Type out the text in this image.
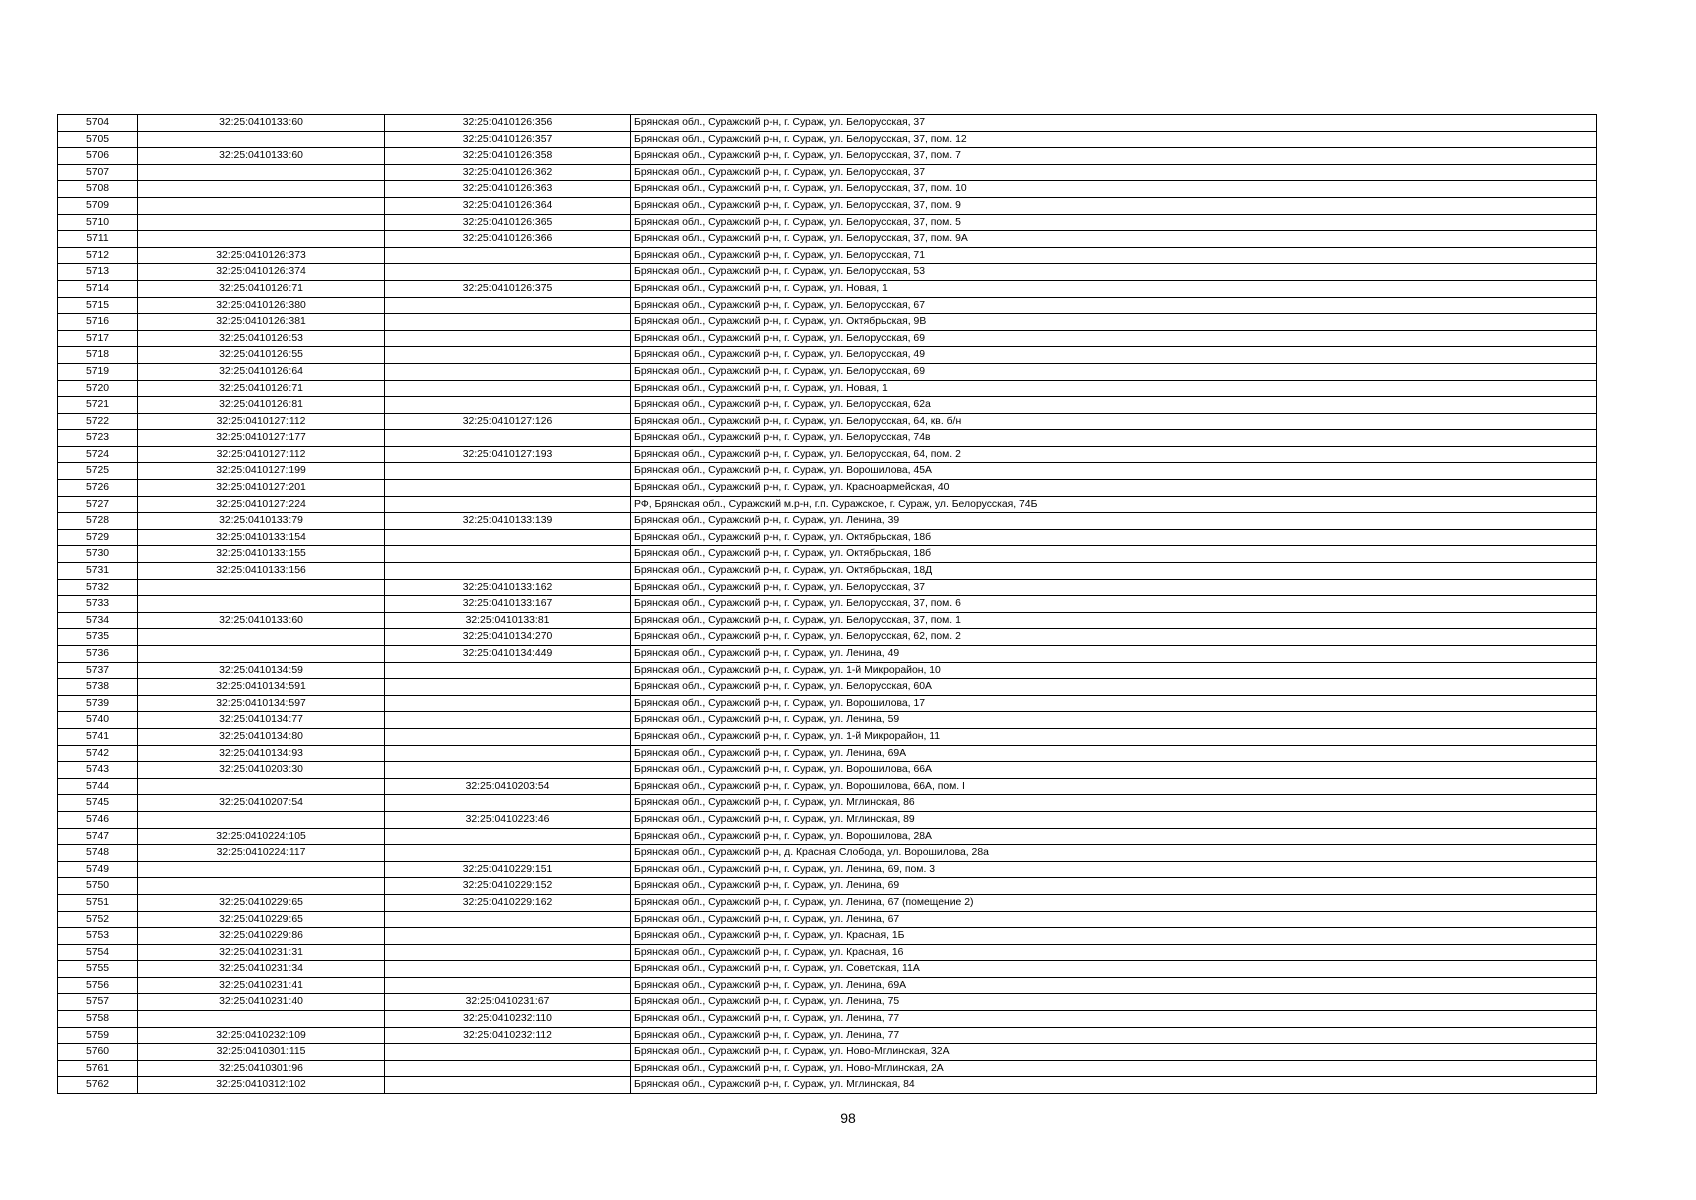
5704	32:25:0410133:60	32:25:0410126:356	Брянская обл., Суражский р-н, г. Сураж, ул. Белорусская, 37
5705		32:25:0410126:357	Брянская обл., Суражский р-н, г. Сураж, ул. Белорусская, 37, пом. 12
5706	32:25:0410133:60	32:25:0410126:358	Брянская обл., Суражский р-н, г. Сураж, ул. Белорусская, 37, пом. 7
5707		32:25:0410126:362	Брянская обл., Суражский р-н, г. Сураж, ул. Белорусская, 37
5708		32:25:0410126:363	Брянская обл., Суражский р-н, г. Сураж, ул. Белорусская, 37, пом. 10
5709		32:25:0410126:364	Брянская обл., Суражский р-н, г. Сураж, ул. Белорусская, 37, пом. 9
5710		32:25:0410126:365	Брянская обл., Суражский р-н, г. Сураж, ул. Белорусская, 37, пом. 5
5711		32:25:0410126:366	Брянская обл., Суражский р-н, г. Сураж, ул. Белорусская, 37, пом. 9А
5712	32:25:0410126:373		Брянская обл., Суражский р-н, г. Сураж, ул. Белорусская, 71
5713	32:25:0410126:374		Брянская обл., Суражский р-н, г. Сураж, ул. Белорусская, 53
5714	32:25:0410126:71	32:25:0410126:375	Брянская обл., Суражский р-н, г. Сураж, ул. Новая, 1
5715	32:25:0410126:380		Брянская обл., Суражский р-н, г. Сураж, ул. Белорусская, 67
5716	32:25:0410126:381		Брянская обл., Суражский р-н, г. Сураж, ул. Октябрьская, 9В
5717	32:25:0410126:53		Брянская обл., Суражский р-н, г. Сураж, ул. Белорусская, 69
5718	32:25:0410126:55		Брянская обл., Суражский р-н, г. Сураж, ул. Белорусская, 49
5719	32:25:0410126:64		Брянская обл., Суражский р-н, г. Сураж, ул. Белорусская, 69
5720	32:25:0410126:71		Брянская обл., Суражский р-н, г. Сураж, ул. Новая, 1
5721	32:25:0410126:81		Брянская обл., Суражский р-н, г. Сураж, ул. Белорусская, 62а
5722	32:25:0410127:112	32:25:0410127:126	Брянская обл., Суражский р-н, г. Сураж, ул. Белорусская, 64, кв. б/н
5723	32:25:0410127:177		Брянская обл., Суражский р-н, г. Сураж, ул. Белорусская, 74в
5724	32:25:0410127:112	32:25:0410127:193	Брянская обл., Суражский р-н, г. Сураж, ул. Белорусская, 64, пом. 2
5725	32:25:0410127:199		Брянская обл., Суражский р-н, г. Сураж, ул. Ворошилова, 45А
5726	32:25:0410127:201		Брянская обл., Суражский р-н, г. Сураж, ул. Красноармейская, 40
5727	32:25:0410127:224		РФ, Брянская обл., Суражский м.р-н, г.п. Суражское, г. Сураж, ул. Белорусская, 74Б
5728	32:25:0410133:79	32:25:0410133:139	Брянская обл., Суражский р-н, г. Сураж, ул. Ленина, 39
5729	32:25:0410133:154		Брянская обл., Суражский р-н, г. Сураж, ул. Октябрьская, 18б
5730	32:25:0410133:155		Брянская обл., Суражский р-н, г. Сураж, ул. Октябрьская, 18б
5731	32:25:0410133:156		Брянская обл., Суражский р-н, г. Сураж, ул. Октябрьская, 18Д
5732		32:25:0410133:162	Брянская обл., Суражский р-н, г. Сураж, ул. Белорусская, 37
5733		32:25:0410133:167	Брянская обл., Суражский р-н, г. Сураж, ул. Белорусская, 37, пом. 6
5734	32:25:0410133:60	32:25:0410133:81	Брянская обл., Суражский р-н, г. Сураж, ул. Белорусская, 37, пом. 1
5735		32:25:0410134:270	Брянская обл., Суражский р-н, г. Сураж, ул. Белорусская, 62, пом. 2
5736		32:25:0410134:449	Брянская обл., Суражский р-н, г. Сураж, ул. Ленина, 49
5737	32:25:0410134:59		Брянская обл., Суражский р-н, г. Сураж, ул. 1-й Микрорайон, 10
5738	32:25:0410134:591		Брянская обл., Суражский р-н, г. Сураж, ул. Белорусская, 60А
5739	32:25:0410134:597		Брянская обл., Суражский р-н, г. Сураж, ул. Ворошилова, 17
5740	32:25:0410134:77		Брянская обл., Суражский р-н, г. Сураж, ул. Ленина, 59
5741	32:25:0410134:80		Брянская обл., Суражский р-н, г. Сураж, ул. 1-й Микрорайон, 11
5742	32:25:0410134:93		Брянская обл., Суражский р-н, г. Сураж, ул. Ленина, 69А
5743	32:25:0410203:30		Брянская обл., Суражский р-н, г. Сураж, ул. Ворошилова, 66А
5744		32:25:0410203:54	Брянская обл., Суражский р-н, г. Сураж, ул. Ворошилова, 66А, пом. I
5745	32:25:0410207:54		Брянская обл., Суражский р-н, г. Сураж, ул. Мглинская, 86
5746		32:25:0410223:46	Брянская обл., Суражский р-н, г. Сураж, ул. Мглинская, 89
5747	32:25:0410224:105		Брянская обл., Суражский р-н, г. Сураж, ул. Ворошилова, 28А
5748	32:25:0410224:117		Брянская обл., Суражский р-н, д. Красная Слобода, ул. Ворошилова, 28а
5749		32:25:0410229:151	Брянская обл., Суражский р-н, г. Сураж, ул. Ленина, 69, пом. 3
5750		32:25:0410229:152	Брянская обл., Суражский р-н, г. Сураж, ул. Ленина, 69
5751	32:25:0410229:65	32:25:0410229:162	Брянская обл., Суражский р-н, г. Сураж, ул. Ленина, 67 (помещение 2)
5752	32:25:0410229:65		Брянская обл., Суражский р-н, г. Сураж, ул. Ленина, 67
5753	32:25:0410229:86		Брянская обл., Суражский р-н, г. Сураж, ул. Красная, 1Б
5754	32:25:0410231:31		Брянская обл., Суражский р-н, г. Сураж, ул. Красная, 16
5755	32:25:0410231:34		Брянская обл., Суражский р-н, г. Сураж, ул. Советская, 11А
5756	32:25:0410231:41		Брянская обл., Суражский р-н, г. Сураж, ул. Ленина, 69А
5757	32:25:0410231:40	32:25:0410231:67	Брянская обл., Суражский р-н, г. Сураж, ул. Ленина, 75
5758		32:25:0410232:110	Брянская обл., Суражский р-н, г. Сураж, ул. Ленина, 77
5759	32:25:0410232:109	32:25:0410232:112	Брянская обл., Суражский р-н, г. Сураж, ул. Ленина, 77
5760	32:25:0410301:115		Брянская обл., Суражский р-н, г. Сураж, ул. Ново-Мглинская, 32А
5761	32:25:0410301:96		Брянская обл., Суражский р-н, г. Сураж, ул. Ново-Мглинская, 2А
5762	32:25:0410312:102		Брянская обл., Суражский р-н, г. Сураж, ул. Мглинская, 84
98
